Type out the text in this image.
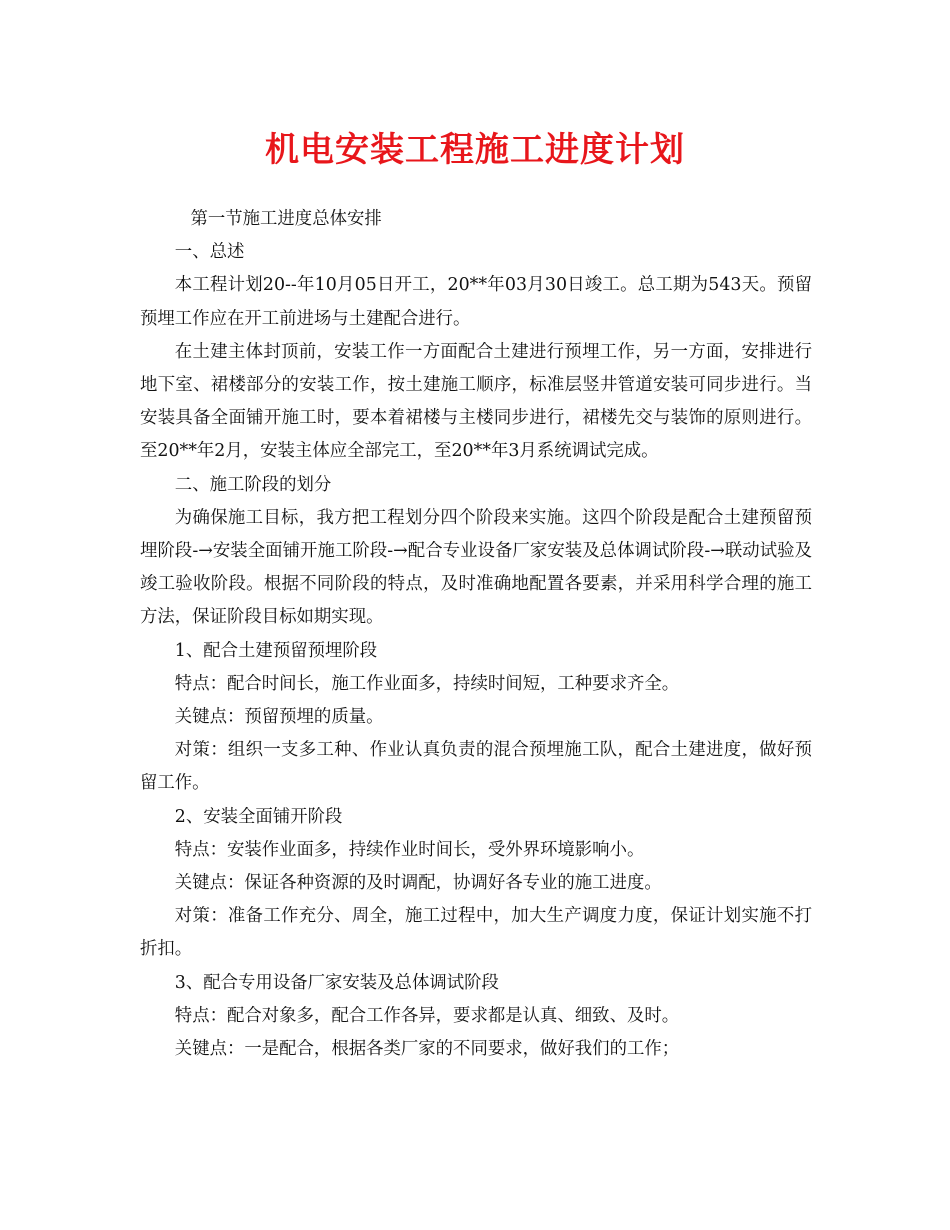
机电安装工程施工进度计划

第一节施工进度总体安排

一、总述

本工程计划20--年10月05日开工，20**年03月30日竣工。总工期为543天。预留预埋工作应在开工前进场与土建配合进行。

在土建主体封顶前，安装工作一方面配合土建进行预埋工作，另一方面，安排进行地下室、裙楼部分的安装工作，按土建施工顺序，标准层竖井管道安装可同步进行。当安装具备全面铺开施工时，要本着裙楼与主楼同步进行，裙楼先交与装饰的原则进行。至20**年2月，安装主体应全部完工，至20**年3月系统调试完成。

二、施工阶段的划分

为确保施工目标，我方把工程划分四个阶段来实施。这四个阶段是配合土建预留预埋阶段-→安装全面铺开施工阶段-→配合专业设备厂家安装及总体调试阶段-→联动试验及竣工验收阶段。根据不同阶段的特点，及时准确地配置各要素，并采用科学合理的施工方法，保证阶段目标如期实现。

1、配合土建预留预埋阶段

特点：配合时间长，施工作业面多，持续时间短，工种要求齐全。

关键点：预留预埋的质量。

对策：组织一支多工种、作业认真负责的混合预埋施工队，配合土建进度，做好预留工作。

2、安装全面铺开阶段

特点：安装作业面多，持续作业时间长，受外界环境影响小。

关键点：保证各种资源的及时调配，协调好各专业的施工进度。

对策：准备工作充分、周全，施工过程中，加大生产调度力度，保证计划实施不打折扣。

3、配合专用设备厂家安装及总体调试阶段

特点：配合对象多，配合工作各异，要求都是认真、细致、及时。

关键点：一是配合，根据各类厂家的不同要求，做好我们的工作；
